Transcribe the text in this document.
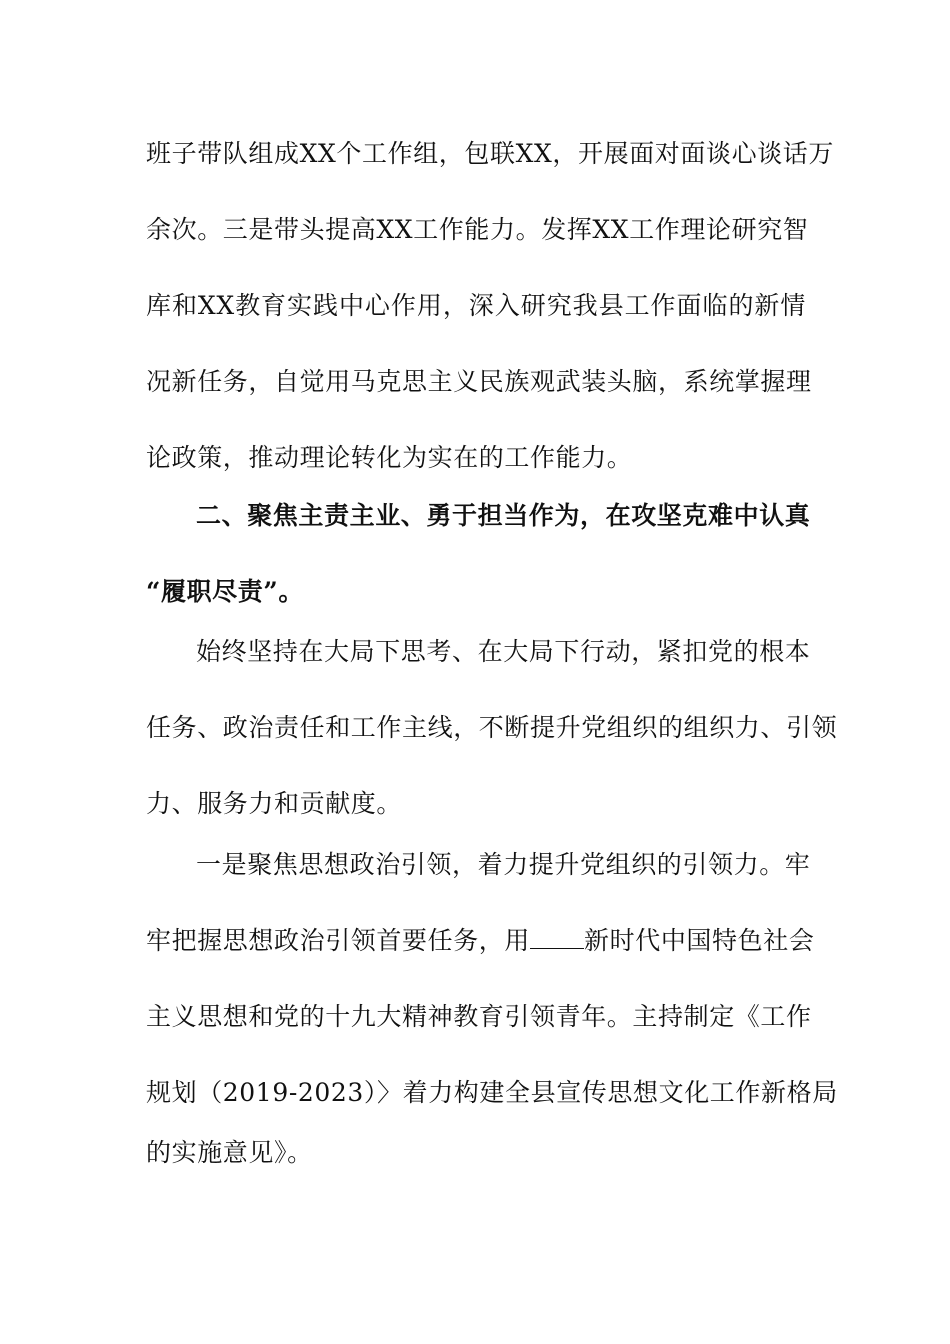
班子带队组成XX个工作组，包联XX，开展面对面谈心谈话万
余次。三是带头提高XX工作能力。发挥XX工作理论研究智
库和XX教育实践中心作用，深入研究我县工作面临的新情
况新任务，自觉用马克思主义民族观武装头脑，系统掌握理
论政策，推动理论转化为实在的工作能力。
二、聚焦主责主业、勇于担当作为，在攻坚克难中认真
“履职尽责”。
始终坚持在大局下思考、在大局下行动，紧扣党的根本
任务、政治责任和工作主线，不断提升党组织的组织力、引领
力、服务力和贡献度。
一是聚焦思想政治引领，着力提升党组织的引领力。牢
牢把握思想政治引领首要任务，用 新时代中国特色社会
主义思想和党的十九大精神教育引领青年。主持制定《工作
规划（2019-2023）〉着力构建全县宣传思想文化工作新格局
的实施意见》。
